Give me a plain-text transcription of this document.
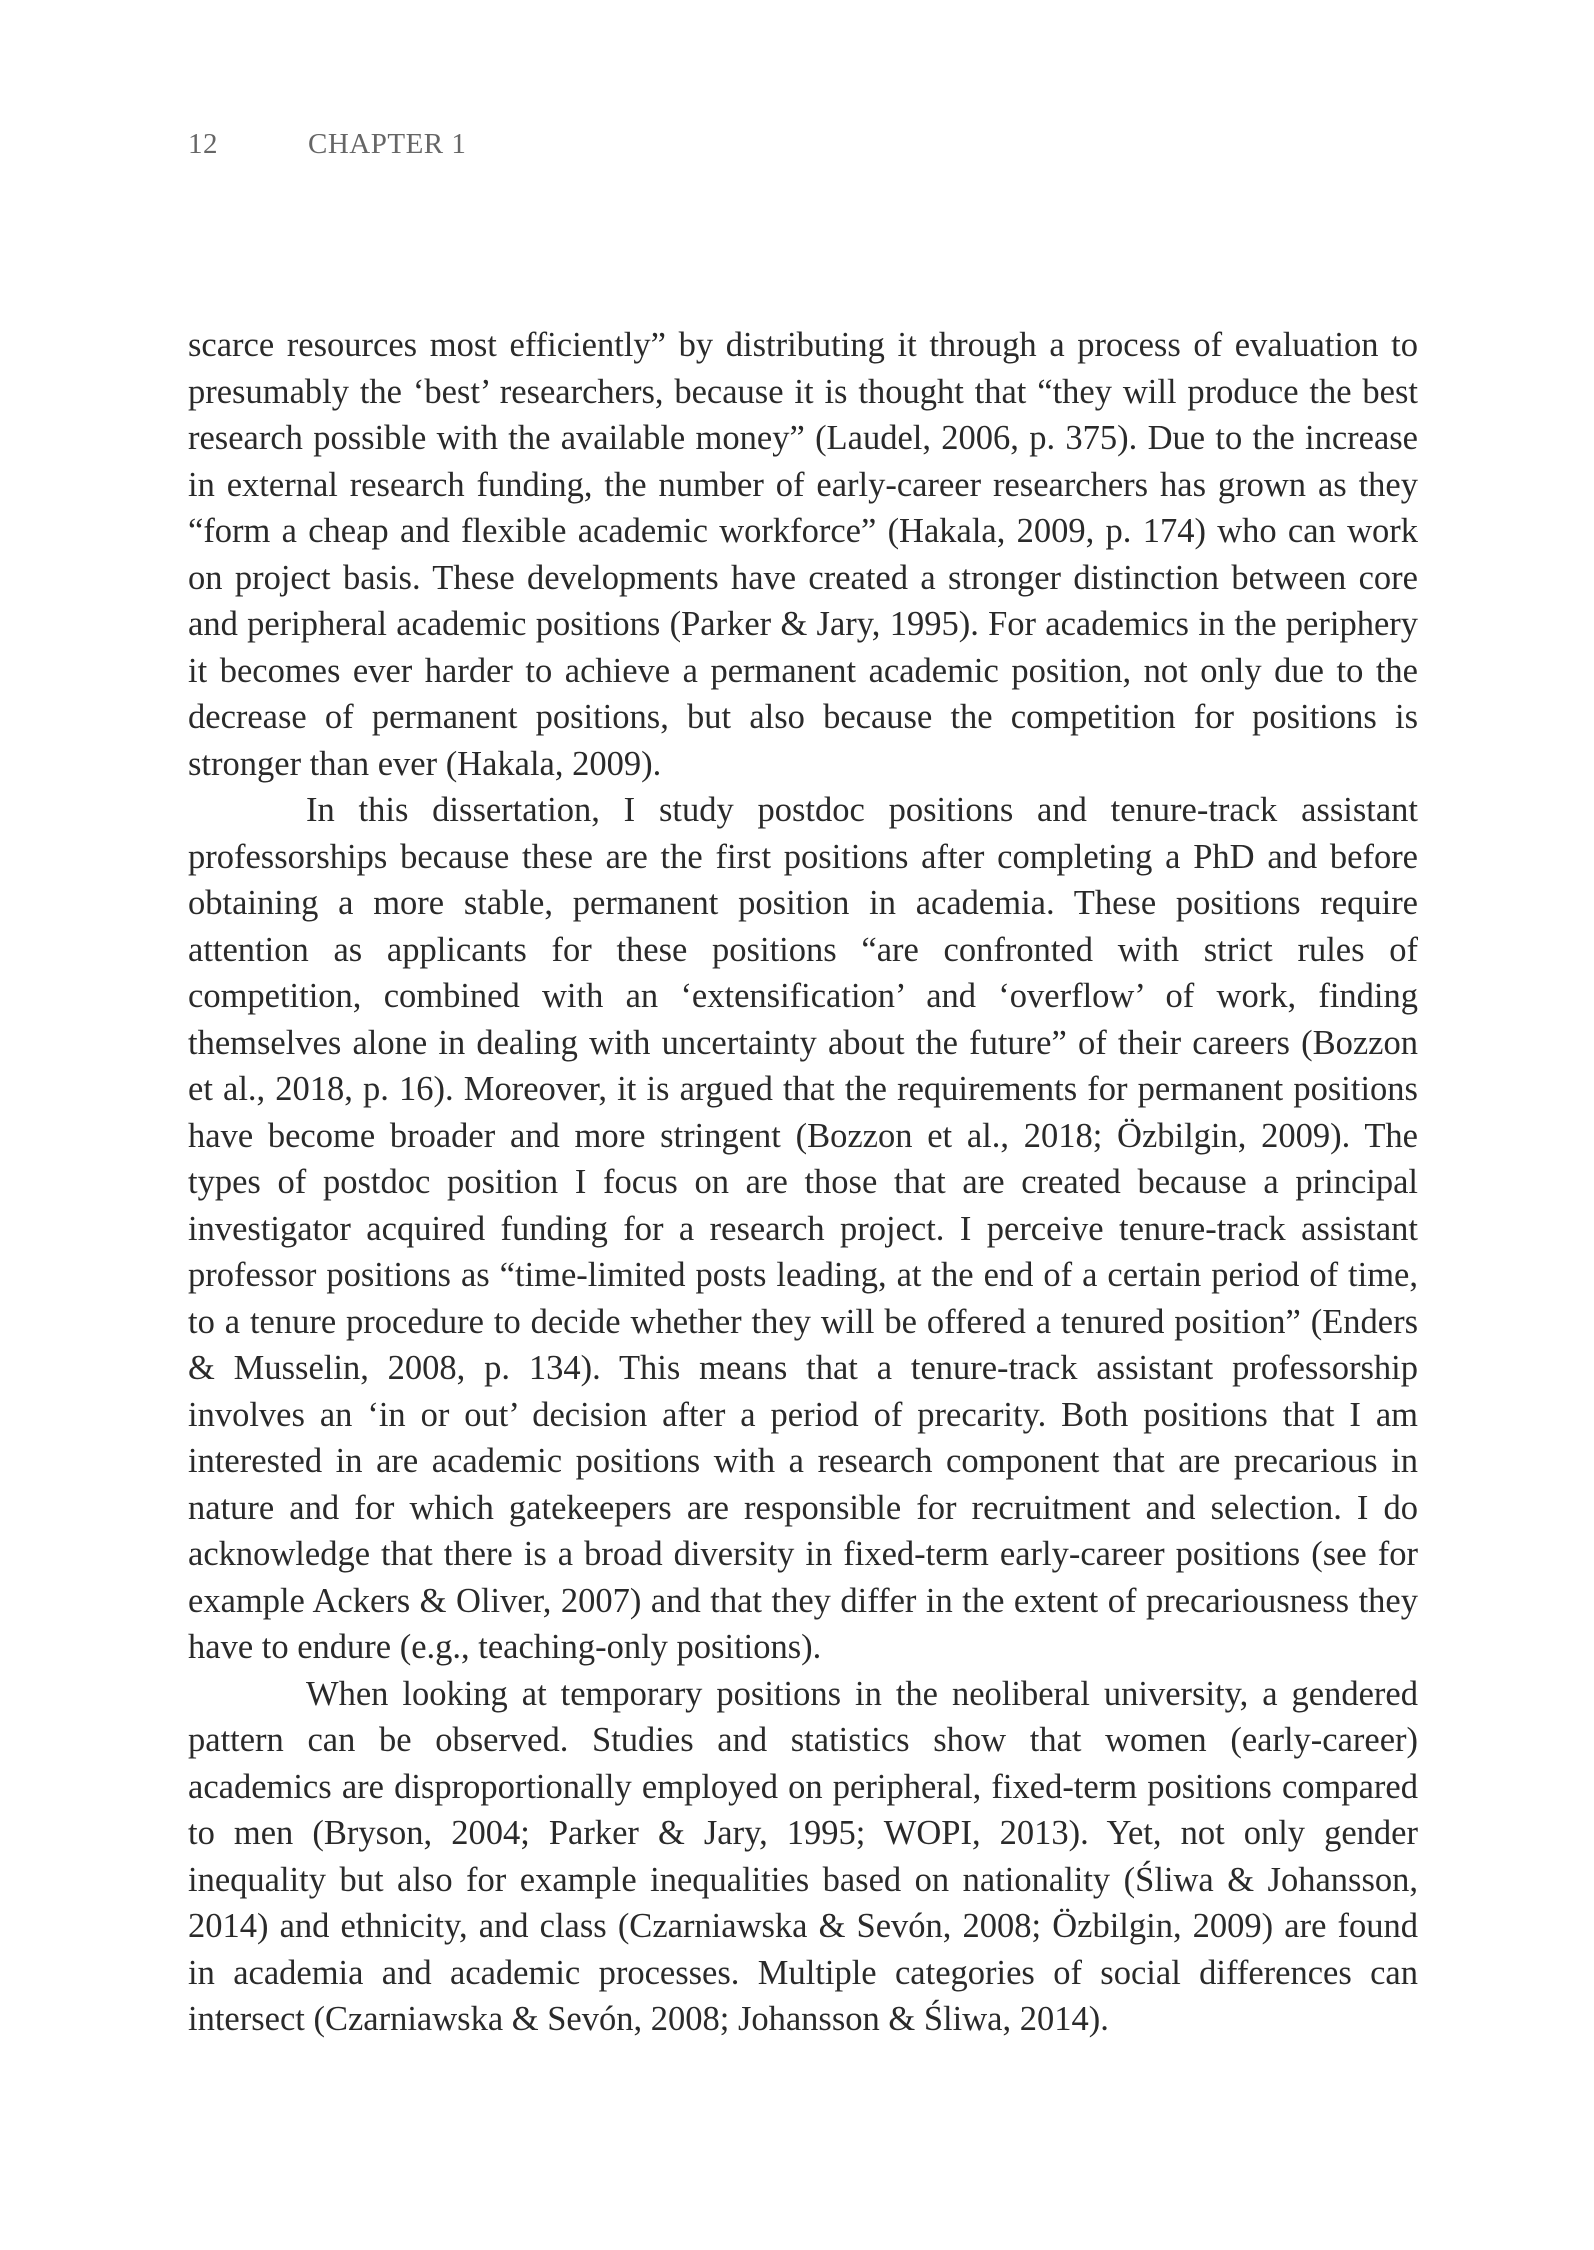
12	CHAPTER 1

scarce resources most efficiently” by distributing it through a process of evaluation to presumably the ‘best’ researchers, because it is thought that “they will produce the best research possible with the available money” (Laudel, 2006, p. 375). Due to the increase in external research funding, the number of early-career researchers has grown as they “form a cheap and flexible academic workforce” (Hakala, 2009, p. 174) who can work on project basis. These developments have created a stronger distinction between core and peripheral academic positions (Parker & Jary, 1995). For academics in the periphery it becomes ever harder to achieve a permanent academic position, not only due to the decrease of permanent positions, but also because the competition for positions is stronger than ever (Hakala, 2009).

In this dissertation, I study postdoc positions and tenure-track assistant professorships because these are the first positions after completing a PhD and before obtaining a more stable, permanent position in academia. These positions require attention as applicants for these positions “are confronted with strict rules of competition, combined with an ‘extensification’ and ‘overflow’ of work, finding themselves alone in dealing with uncertainty about the future” of their careers (Bozzon et al., 2018, p. 16). Moreover, it is argued that the requirements for permanent positions have become broader and more stringent (Bozzon et al., 2018; Özbilgin, 2009). The types of postdoc position I focus on are those that are created because a principal investigator acquired funding for a research project. I perceive tenure-track assistant professor positions as “time-limited posts leading, at the end of a certain period of time, to a tenure procedure to decide whether they will be offered a tenured position” (Enders & Musselin, 2008, p. 134). This means that a tenure-track assistant professorship involves an ‘in or out’ decision after a period of precarity. Both positions that I am interested in are academic positions with a research component that are precarious in nature and for which gatekeepers are responsible for recruitment and selection. I do acknowledge that there is a broad diversity in fixed-term early-career positions (see for example Ackers & Oliver, 2007) and that they differ in the extent of precariousness they have to endure (e.g., teaching-only positions).

When looking at temporary positions in the neoliberal university, a gendered pattern can be observed. Studies and statistics show that women (early-career) academics are disproportionally employed on peripheral, fixed-term positions compared to men (Bryson, 2004; Parker & Jary, 1995; WOPI, 2013). Yet, not only gender inequality but also for example inequalities based on nationality (Śliwa & Johansson, 2014) and ethnicity, and class (Czarniawska & Sevón, 2008; Özbilgin, 2009) are found in academia and academic processes. Multiple categories of social differences can intersect (Czarniawska & Sevón, 2008; Johansson & Śliwa, 2014).
